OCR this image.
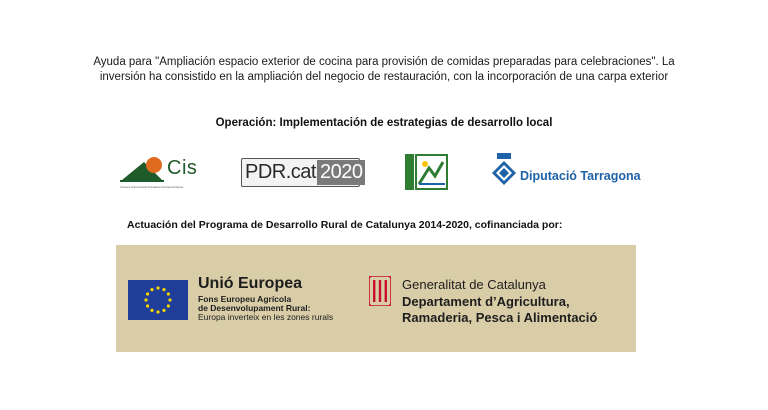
Ayuda para "Ampliación espacio exterior de cocina para provisión de comidas preparadas para celebraciones". La
inversión ha consistido en la ampliación del negocio de restauración, con la incorporación de una carpa exterior
Operación: Implementación de estrategias de desarrollo local
Cis
Consorci Intercomarcal d'Iniciatives Socioeconòmiques
PDR.cat 2020	Diputació Tarragona
Actuación del Programa de Desarrollo Rural de Catalunya 2014-2020, cofinanciada por:
Unió Europea
Fons Europeu Agrícola
de Desenvolupament Rural:
Europa inverteix en les zones rurals
Generalitat de Catalunya
Departament d’Agricultura,
Ramaderia, Pesca i Alimentació
